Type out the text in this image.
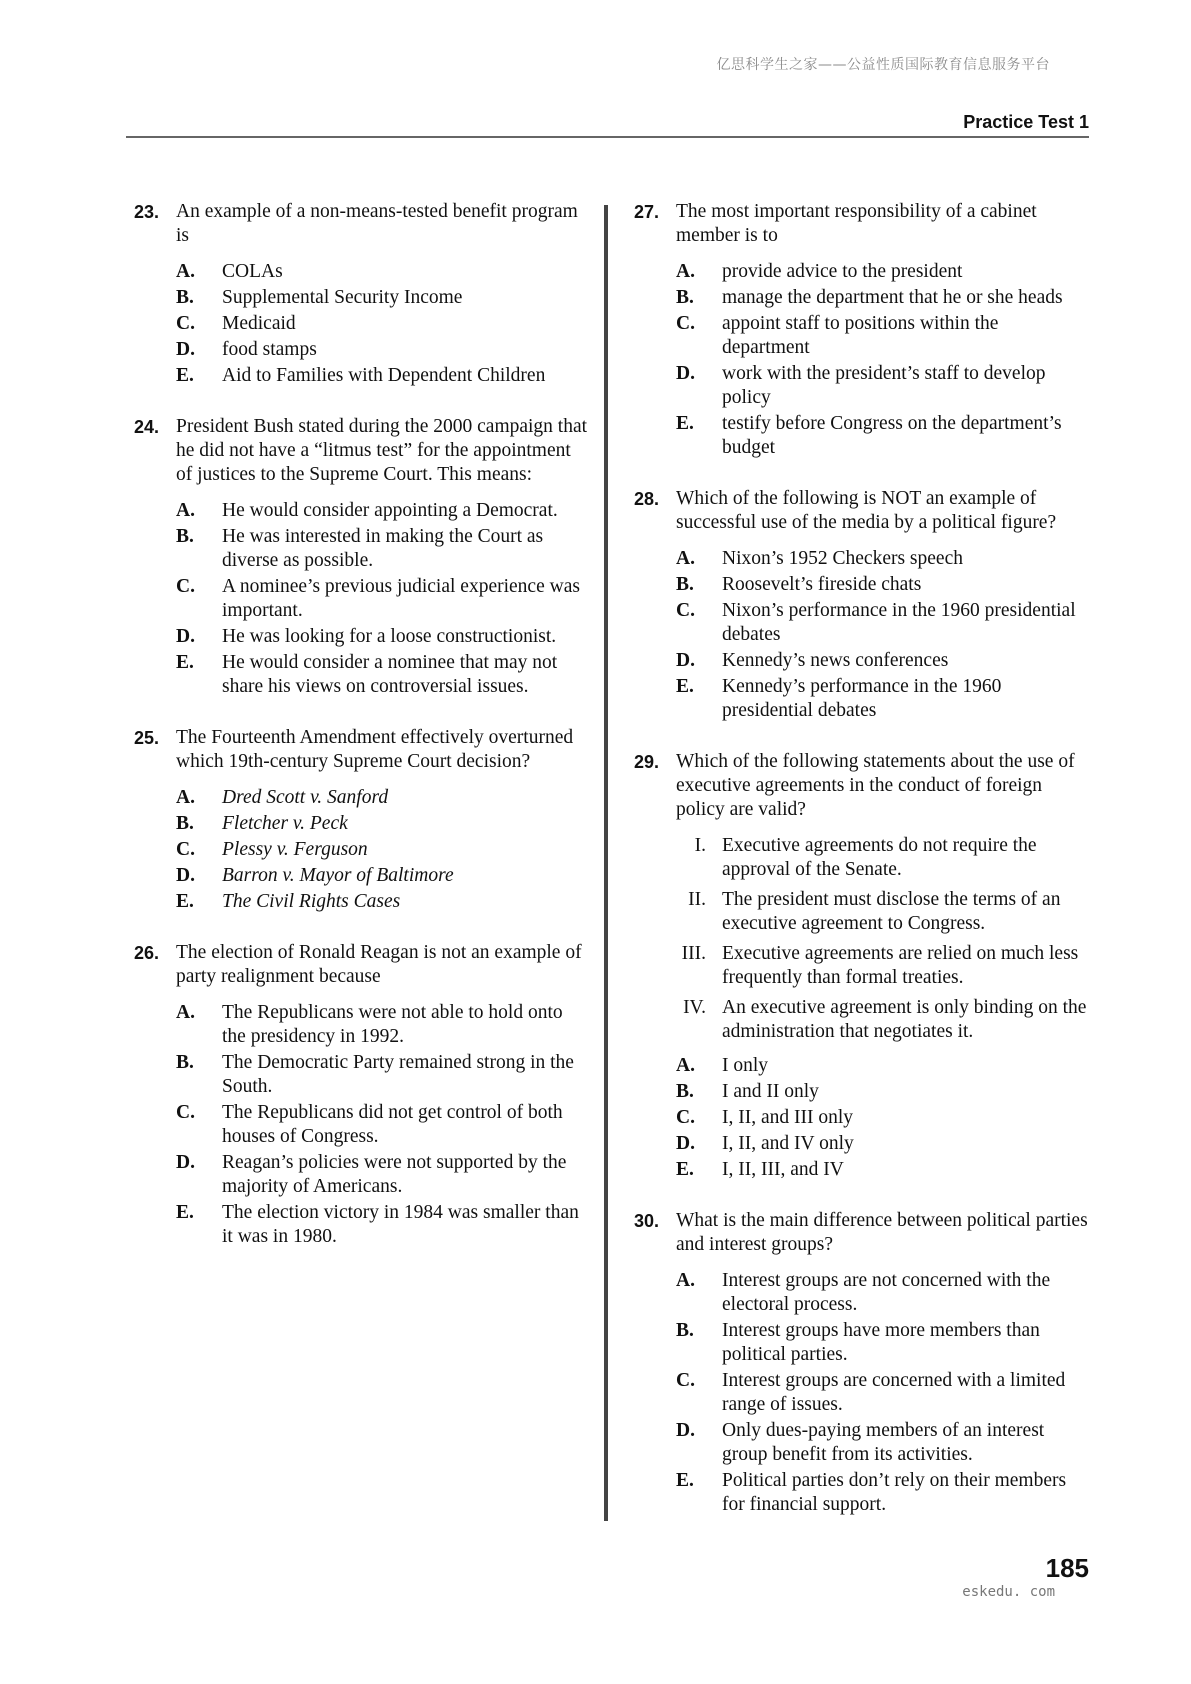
亿思科学生之家——公益性质国际教育信息服务平台
Practice Test 1
23. An example of a non-means-tested benefit program is
A. COLAs
B. Supplemental Security Income
C. Medicaid
D. food stamps
E. Aid to Families with Dependent Children
24. President Bush stated during the 2000 campaign that he did not have a “litmus test” for the appointment of justices to the Supreme Court. This means:
A. He would consider appointing a Democrat.
B. He was interested in making the Court as diverse as possible.
C. A nominee’s previous judicial experience was important.
D. He was looking for a loose constructionist.
E. He would consider a nominee that may not share his views on controversial issues.
25. The Fourteenth Amendment effectively overturned which 19th-century Supreme Court decision?
A. Dred Scott v. Sanford
B. Fletcher v. Peck
C. Plessy v. Ferguson
D. Barron v. Mayor of Baltimore
E. The Civil Rights Cases
26. The election of Ronald Reagan is not an example of party realignment because
A. The Republicans were not able to hold onto the presidency in 1992.
B. The Democratic Party remained strong in the South.
C. The Republicans did not get control of both houses of Congress.
D. Reagan’s policies were not supported by the majority of Americans.
E. The election victory in 1984 was smaller than it was in 1980.
27. The most important responsibility of a cabinet member is to
A. provide advice to the president
B. manage the department that he or she heads
C. appoint staff to positions within the department
D. work with the president’s staff to develop policy
E. testify before Congress on the department’s budget
28. Which of the following is NOT an example of successful use of the media by a political figure?
A. Nixon’s 1952 Checkers speech
B. Roosevelt’s fireside chats
C. Nixon’s performance in the 1960 presidential debates
D. Kennedy’s news conferences
E. Kennedy’s performance in the 1960 presidential debates
29. Which of the following statements about the use of executive agreements in the conduct of foreign policy are valid?
I. Executive agreements do not require the approval of the Senate.
II. The president must disclose the terms of an executive agreement to Congress.
III. Executive agreements are relied on much less frequently than formal treaties.
IV. An executive agreement is only binding on the administration that negotiates it.
A. I only
B. I and II only
C. I, II, and III only
D. I, II, and IV only
E. I, II, III, and IV
30. What is the main difference between political parties and interest groups?
A. Interest groups are not concerned with the electoral process.
B. Interest groups have more members than political parties.
C. Interest groups are concerned with a limited range of issues.
D. Only dues-paying members of an interest group benefit from its activities.
E. Political parties don’t rely on their members for financial support.
185
eskedu. com
